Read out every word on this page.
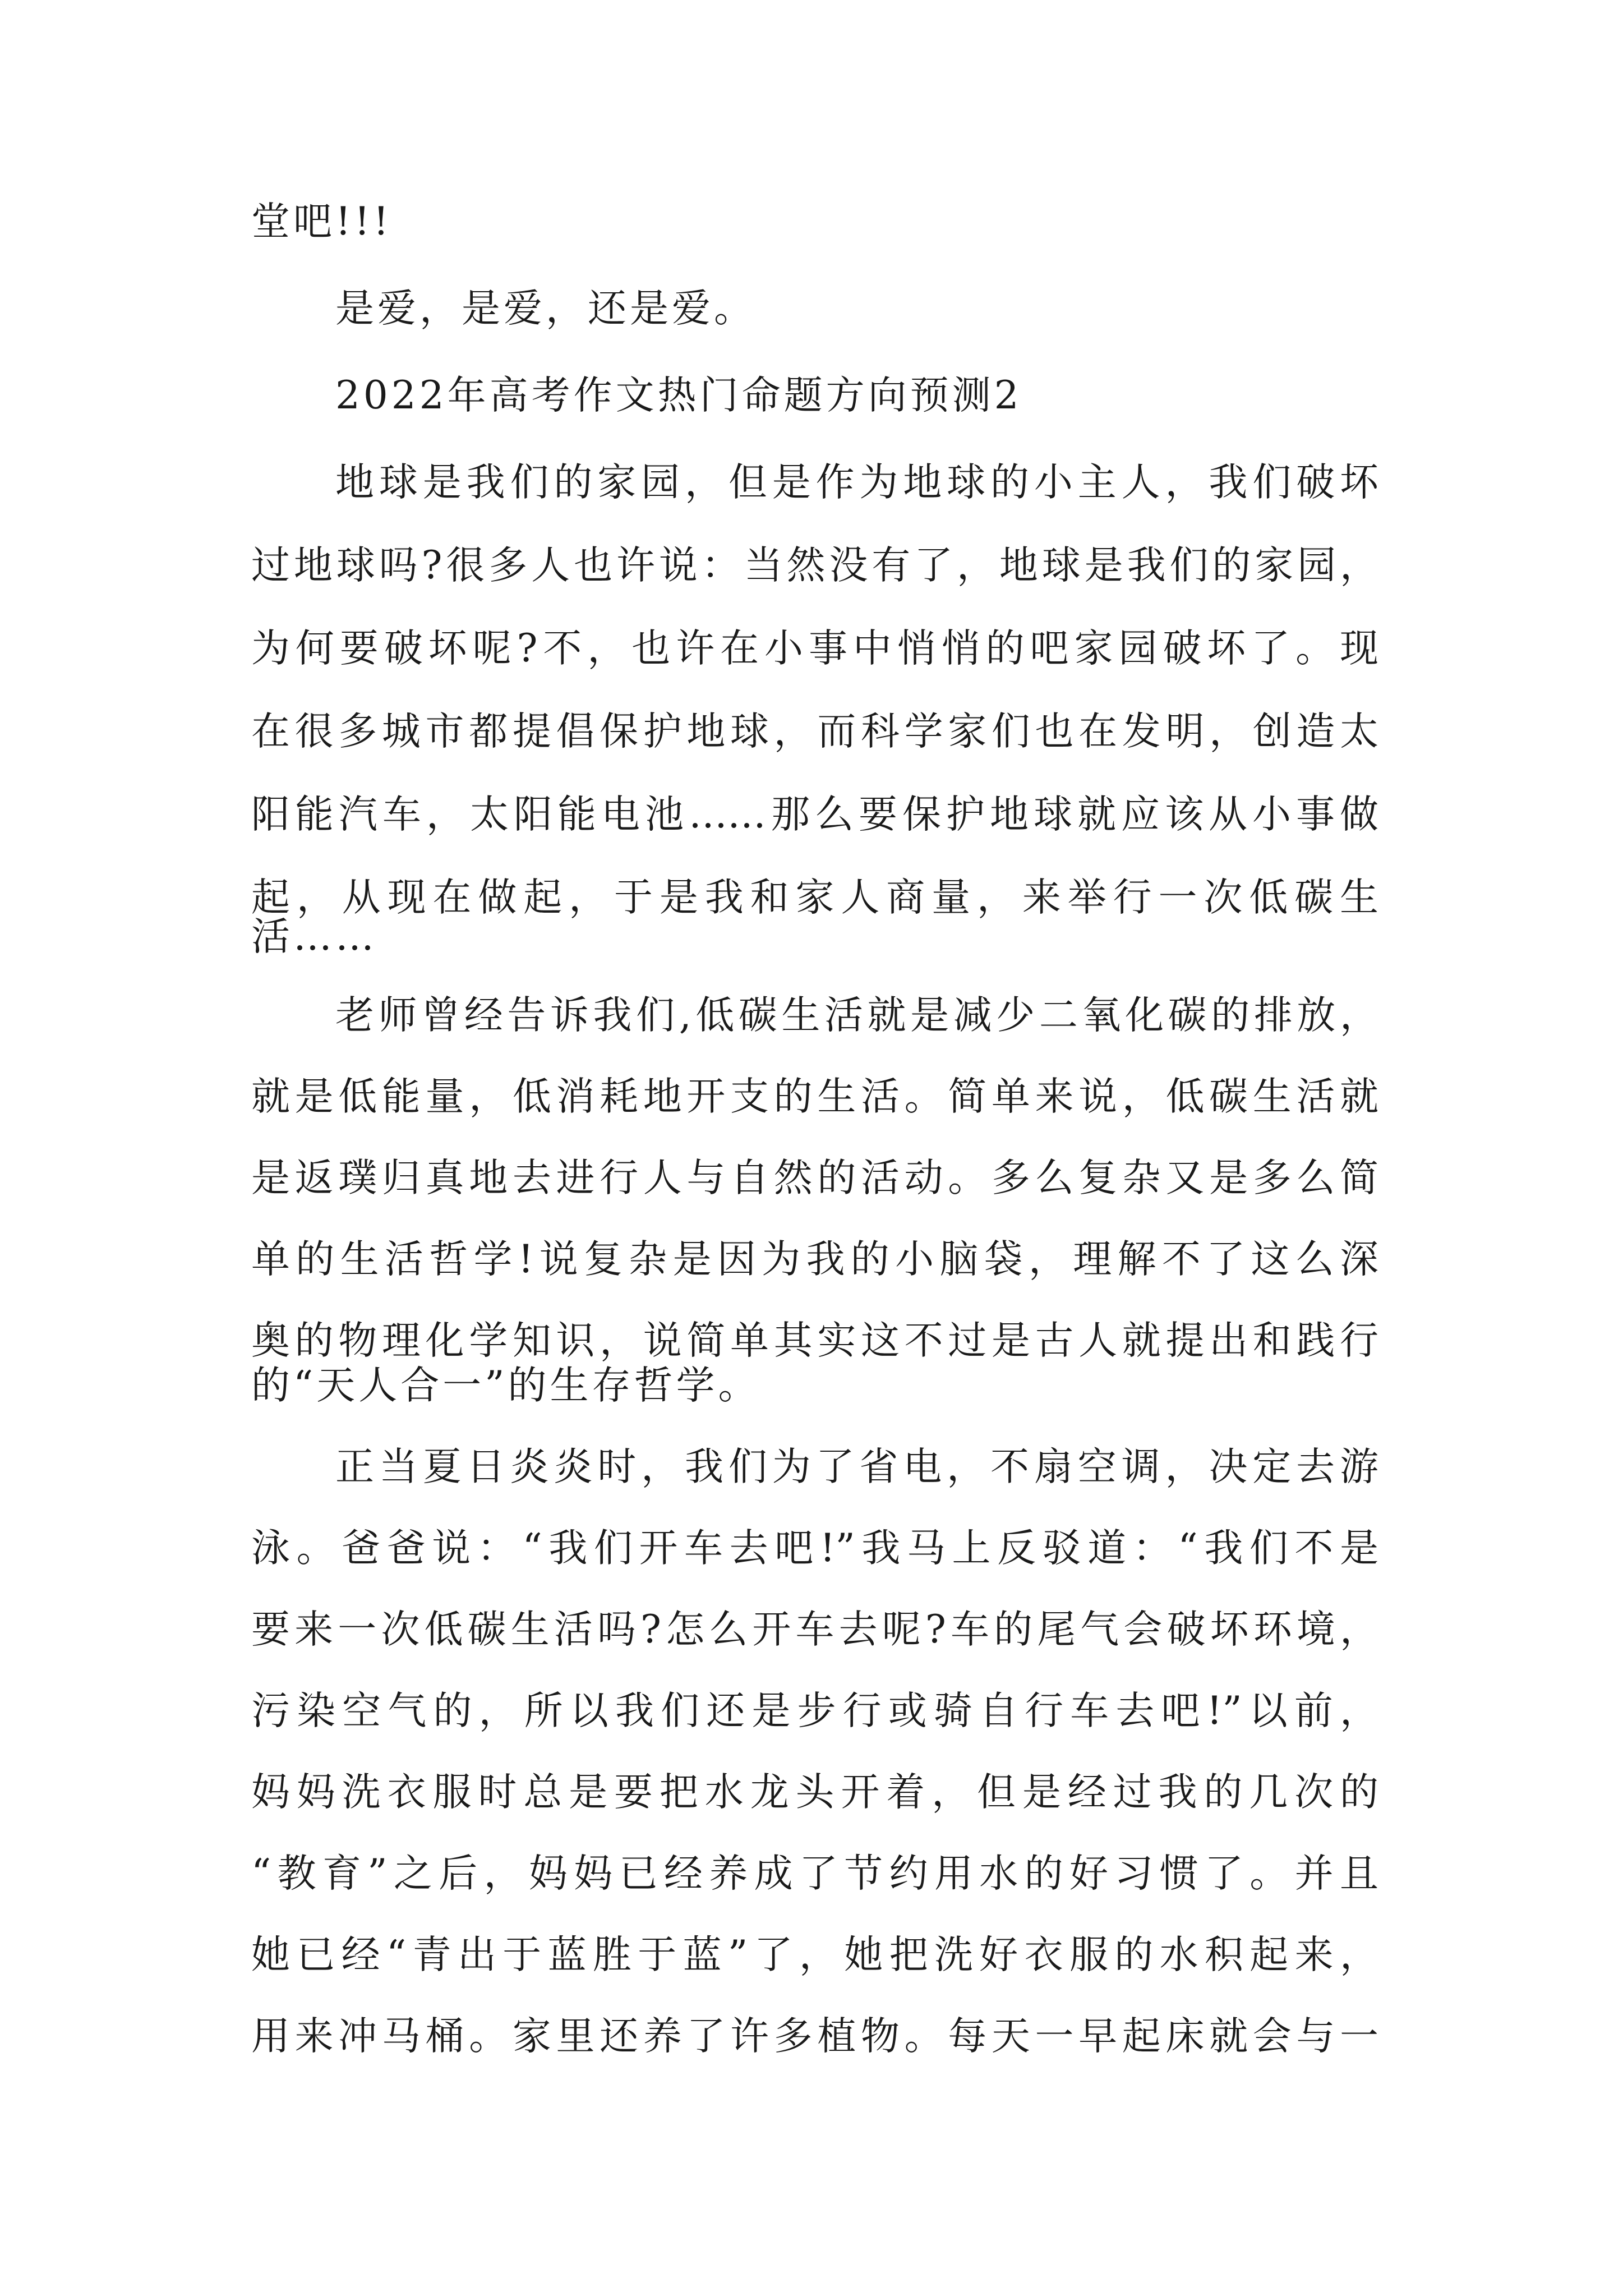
堂吧!!!
是爱，是爱，还是爱。
2022年高考作文热门命题方向预测2
地球是我们的家园，但是作为地球的小主人，我们破坏
过地球吗?很多人也许说：当然没有了，地球是我们的家园，
为何要破坏呢?不，也许在小事中悄悄的吧家园破坏了。现
在很多城市都提倡保护地球，而科学家们也在发明，创造太
阳能汽车，太阳能电池……那么要保护地球就应该从小事做
起，从现在做起，于是我和家人商量，来举行一次低碳生
活……
老师曾经告诉我们,低碳生活就是减少二氧化碳的排放，
就是低能量，低消耗地开支的生活。简单来说，低碳生活就
是返璞归真地去进行人与自然的活动。多么复杂又是多么简
单的生活哲学!说复杂是因为我的小脑袋，理解不了这么深
奥的物理化学知识，说简单其实这不过是古人就提出和践行
的“天人合一”的生存哲学。
正当夏日炎炎时，我们为了省电，不扇空调，决定去游
泳。爸爸说：“我们开车去吧!”我马上反驳道：“我们不是
要来一次低碳生活吗?怎么开车去呢?车的尾气会破坏环境，
污染空气的，所以我们还是步行或骑自行车去吧!”以前，
妈妈洗衣服时总是要把水龙头开着，但是经过我的几次的
“教育”之后，妈妈已经养成了节约用水的好习惯了。并且
她已经“青出于蓝胜于蓝”了，她把洗好衣服的水积起来，
用来冲马桶。家里还养了许多植物。每天一早起床就会与一
